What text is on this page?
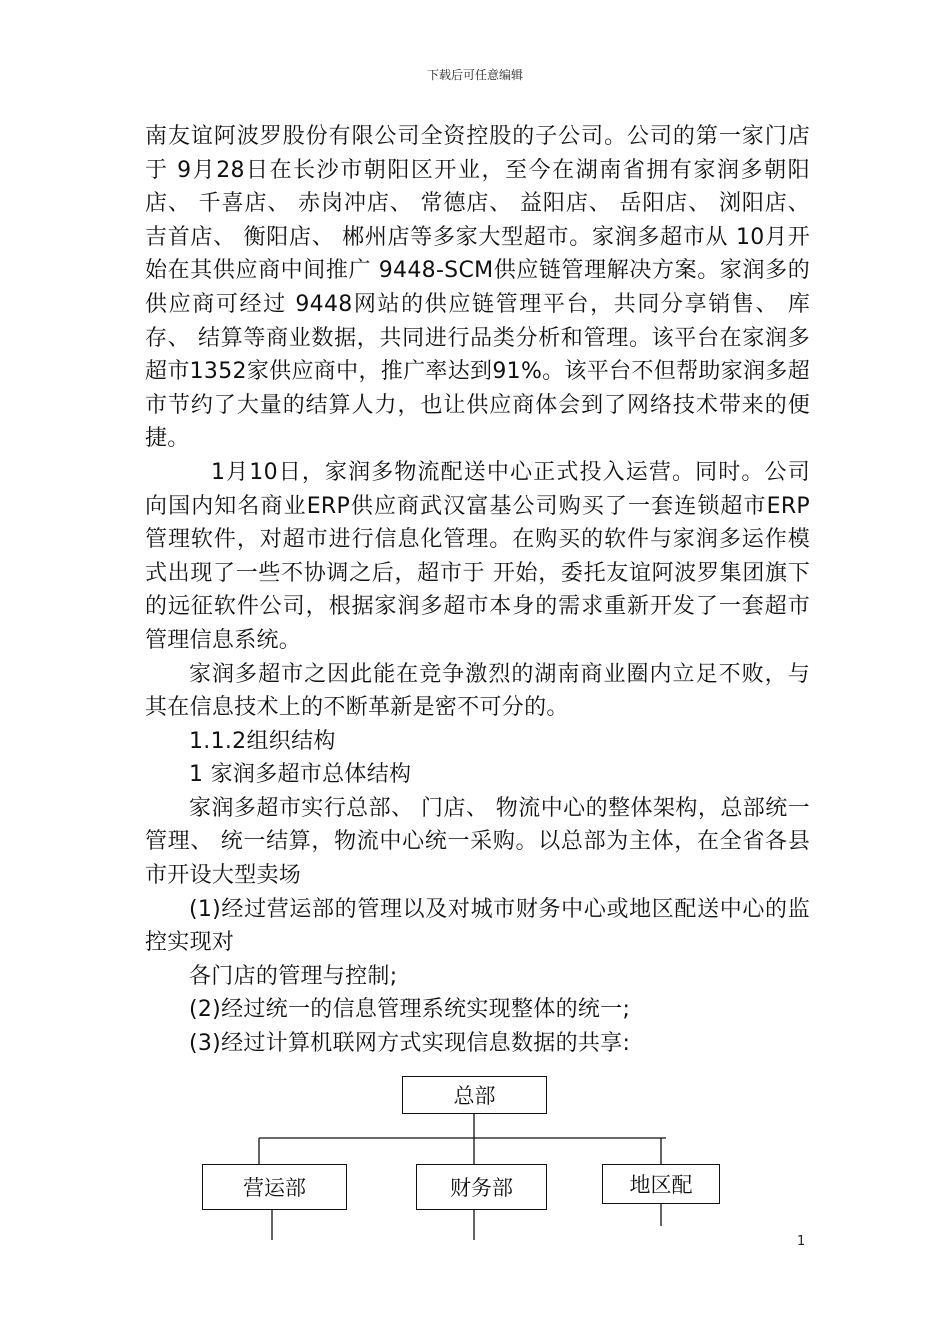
下载后可任意编辑

南友谊阿波罗股份有限公司全资控股的子公司。公司的第一家门店于 9月28日在长沙市朝阳区开业，至今在湖南省拥有家润多朝阳店、 千喜店、 赤岗冲店、 常德店、 益阳店、 岳阳店、 浏阳店、 吉首店、 衡阳店、 郴州店等多家大型超市。家润多超市从 10月开始在其供应商中间推广 9448-SCM供应链管理解决方案。家润多的供应商可经过 9448网站的供应链管理平台，共同分享销售、 库存、 结算等商业数据，共同进行品类分析和管理。该平台在家润多超市1352家供应商中，推广率达到91%。该平台不但帮助家润多超市节约了大量的结算人力，也让供应商体会到了网络技术带来的便捷。

1月10日，家润多物流配送中心正式投入运营。同时。公司向国内知名商业ERP供应商武汉富基公司购买了一套连锁超市ERP管理软件，对超市进行信息化管理。在购买的软件与家润多运作模式出现了一些不协调之后，超市于 开始，委托友谊阿波罗集团旗下的远征软件公司，根据家润多超市本身的需求重新开发了一套超市管理信息系统。

家润多超市之因此能在竞争激烈的湖南商业圈内立足不败，与其在信息技术上的不断革新是密不可分的。

1.1.2组织结构

1 家润多超市总体结构

家润多超市实行总部、 门店、 物流中心的整体架构，总部统一管理、 统一结算，物流中心统一采购。以总部为主体，在全省各县市开设大型卖场

(1)经过营运部的管理以及对城市财务中心或地区配送中心的监控实现对

各门店的管理与控制;

(2)经过统一的信息管理系统实现整体的统一;

(3)经过计算机联网方式实现信息数据的共享:

总部
营运部	财务部	地区配
1
